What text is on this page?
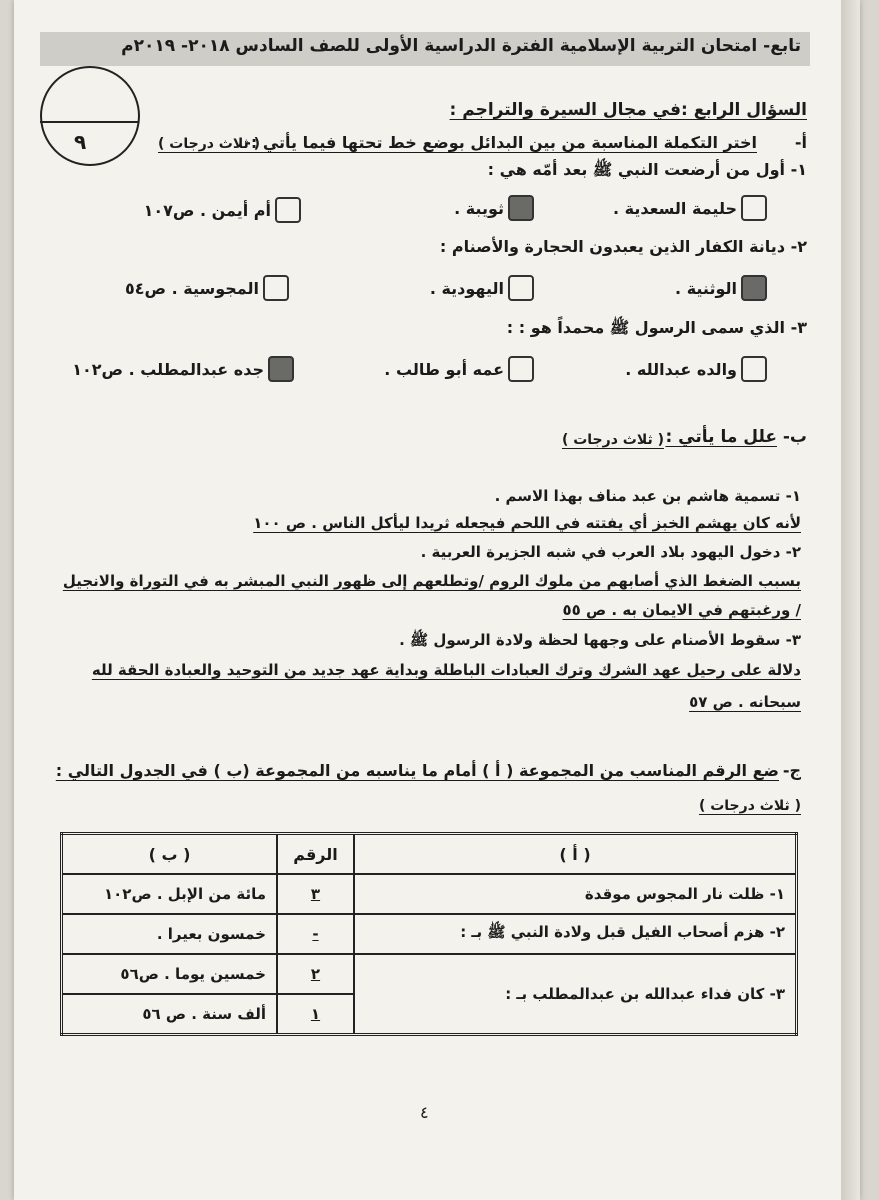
تابع- امتحان التربية الإسلامية الفترة الدراسية الأولى للصف السادس ٢٠١٨- ٢٠١٩م
٩
السؤال الرابع :في مجال السيرة والتراجم :
أ-
اختر التكملة المناسبة من بين البدائل بوضع خط تحتها فيما يأتي :-
( ثلاث درجات )
١- أول من أرضعت النبي ﷺ بعد أمّه هي :
حليمة السعدية .
ثويبة .
أم أيمن . ص١٠٧
٢- ديانة الكفار الذين يعبدون الحجارة والأصنام :
الوثنية .
اليهودية .
المجوسية . ص٥٤
٣- الذي سمى الرسول ﷺ محمداً هو : :
والده عبدالله .
عمه أبو طالب .
جده عبدالمطلب . ص١٠٢
ب-
علل ما يأتي :
( ثلاث درجات )
١- تسمية هاشم بن عبد مناف بهذا الاسم .
لأنه كان يهشم الخبز أي يفتته في اللحم فيجعله ثريدا ليأكل الناس . ص ١٠٠
٢- دخول اليهود بلاد العرب في شبه الجزيرة العربية .
بسبب الضغط الذي أصابهم من ملوك الروم /وتطلعهم إلى ظهور النبي المبشر به في التوراة والانجيل
/ ورغبتهم في الايمان به . ص ٥٥
٣- سقوط الأصنام على وجهها لحظة ولادة الرسول ﷺ .
دلالة على رحيل عهد الشرك وترك العبادات الباطلة وبداية عهد جديد من التوحيد والعبادة الحقة لله
سبحانه . ص ٥٧
ج-
ضع الرقم المناسب من المجموعة ( أ ) أمام ما يناسبه من المجموعة (ب ) في الجدول التالي :
( ثلاث درجات )
( أ )	الرقم	( ب )
١- ظلت نار المجوس موقدة	٣	مائة من الإبل . ص١٠٢
٢- هزم أصحاب الفيل قبل ولادة النبي ﷺ بـ :	-	خمسون بعيرا .
٣- كان فداء عبدالله بن عبدالمطلب بـ :	٢	خمسين يوما . ص٥٦
	١	ألف سنة . ص ٥٦
٤
